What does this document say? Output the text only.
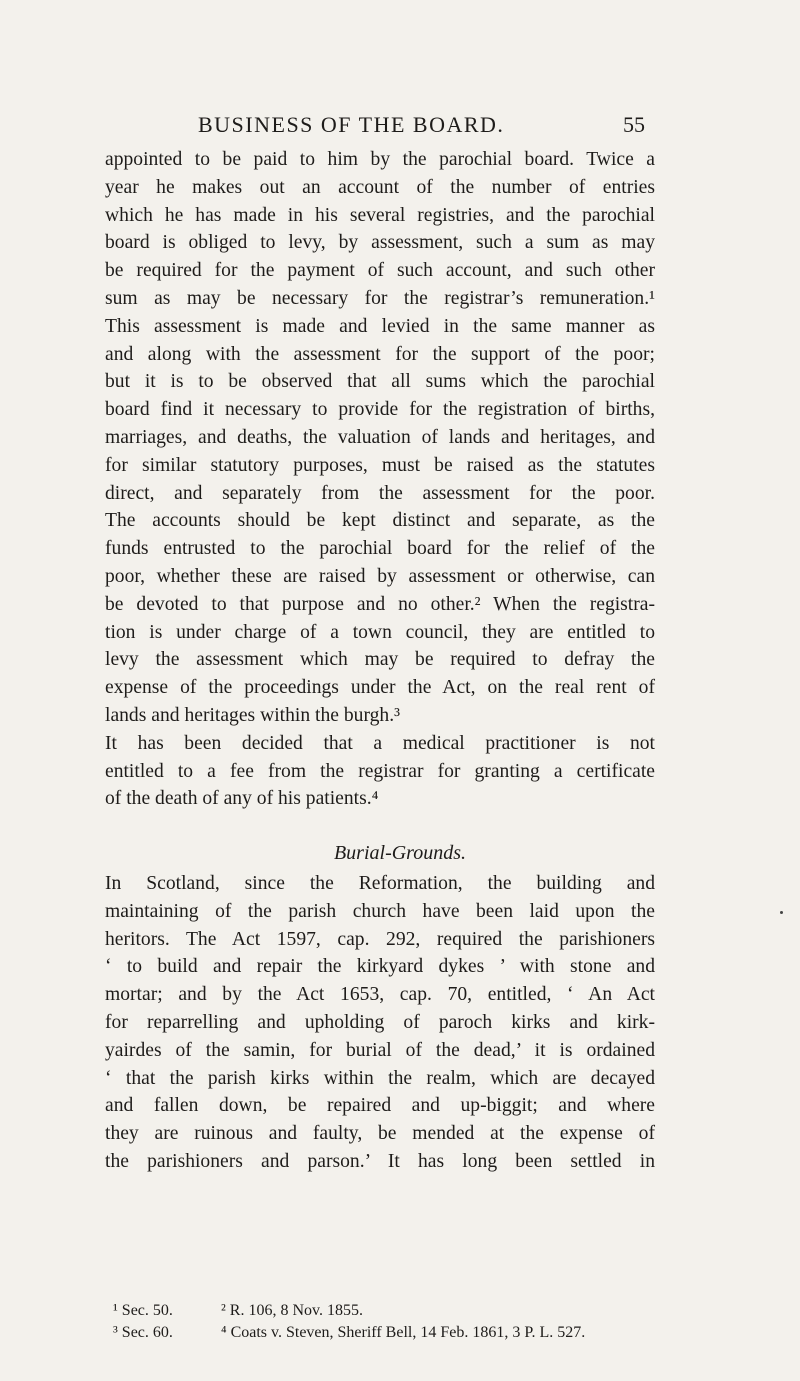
BUSINESS OF THE BOARD.	55
appointed to be paid to him by the parochial board. Twice a
year he makes out an account of the number of entries
which he has made in his several registries, and the parochial
board is obliged to levy, by assessment, such a sum as may
be required for the payment of such account, and such other
sum as may be necessary for the registrar’s remuneration.¹
This assessment is made and levied in the same manner as
and along with the assessment for the support of the poor;
but it is to be observed that all sums which the parochial
board find it necessary to provide for the registration of births,
marriages, and deaths, the valuation of lands and heritages, and
for similar statutory purposes, must be raised as the statutes
direct, and separately from the assessment for the poor.
The accounts should be kept distinct and separate, as the
funds entrusted to the parochial board for the relief of the
poor, whether these are raised by assessment or otherwise, can
be devoted to that purpose and no other.² When the registra-
tion is under charge of a town council, they are entitled to
levy the assessment which may be required to defray the
expense of the proceedings under the Act, on the real rent of
lands and heritages within the burgh.³
It has been decided that a medical practitioner is not
entitled to a fee from the registrar for granting a certificate
of the death of any of his patients.⁴
Burial-Grounds.
In Scotland, since the Reformation, the building and
maintaining of the parish church have been laid upon the
heritors. The Act 1597, cap. 292, required the parishioners
‘ to build and repair the kirkyard dykes ’ with stone and
mortar; and by the Act 1653, cap. 70, entitled, ‘ An Act
for reparrelling and upholding of paroch kirks and kirk-
yairdes of the samin, for burial of the dead,’ it is ordained
‘ that the parish kirks within the realm, which are decayed
and fallen down, be repaired and up-biggit; and where
they are ruinous and faulty, be mended at the expense of
the parishioners and parson.’ It has long been settled in
¹ Sec. 50.	² R. 106, 8 Nov. 1855.
³ Sec. 60.	⁴ Coats v. Steven, Sheriff Bell, 14 Feb. 1861, 3 P. L. 527.
